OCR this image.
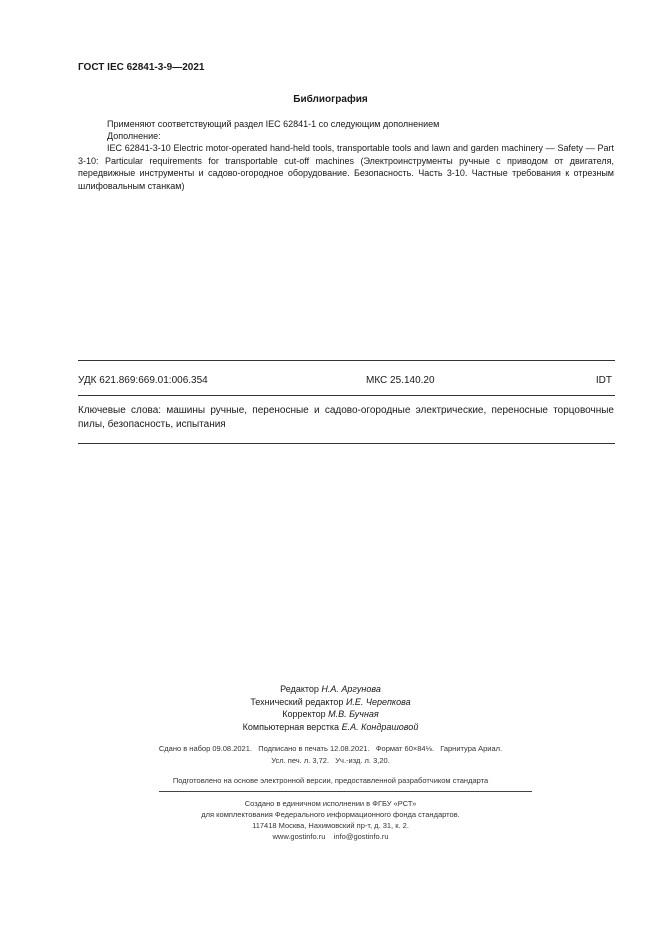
ГОСТ IEC 62841-3-9—2021
Библиография
Применяют соответствующий раздел IEC 62841-1 со следующим дополнением
Дополнение:
IEC 62841-3-10 Electric motor-operated hand-held tools, transportable tools and lawn and garden machinery — Safety — Part 3-10: Particular requirements for transportable cut-off machines (Электроинструменты ручные с приводом от двигателя, передвижные инструменты и садово-огородное оборудование. Безопасность. Часть 3-10. Частные требования к отрезным шлифовальным станкам)
УДК 621.869:669.01:006.354	МКС 25.140.20	IDT
Ключевые слова: машины ручные, переносные и садово-огородные электрические, переносные торцовочные пилы, безопасность, испытания
Редактор Н.А. Аргунова
Технический редактор И.Е. Черепкова
Корректор М.В. Бучная
Компьютерная верстка Е.А. Кондрашовой
Сдано в набор 09.08.2021.   Подписано в печать 12.08.2021.   Формат 60×84⅛.   Гарнитура Ариал.
Усл. печ. л. 3,72.   Уч.-изд. л. 3,20.
Подготовлено на основе электронной версии, предоставленной разработчиком стандарта
Создано в единичном исполнении в ФГБУ «РСТ»
для комплектования Федерального информационного фонда стандартов.
117418 Москва, Нахимовский пр-т, д. 31, к. 2.
www.gostinfo.ru    info@gostinfo.ru
